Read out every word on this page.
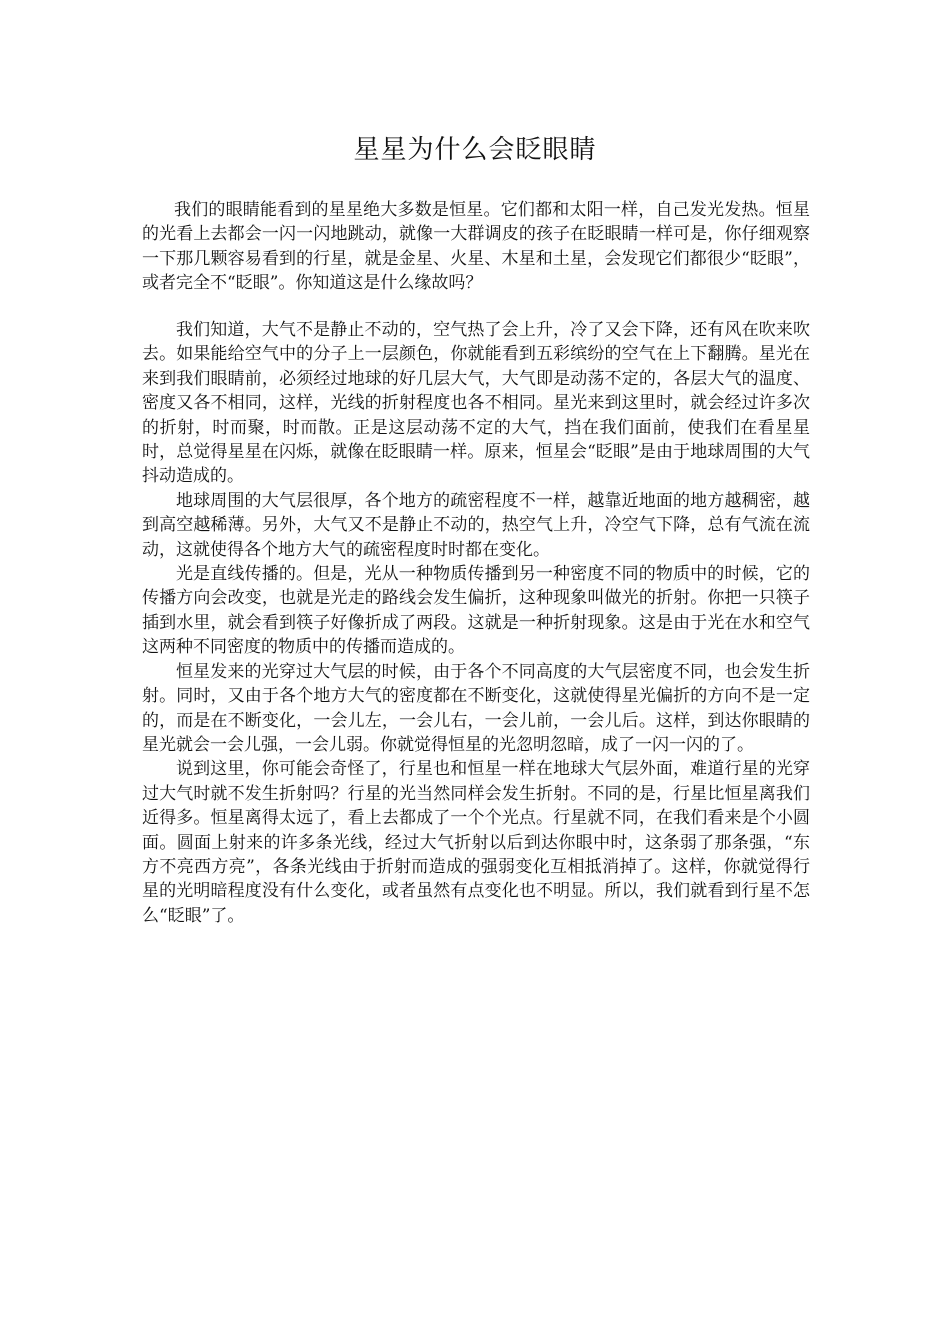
星星为什么会眨眼睛

我们的眼睛能看到的星星绝大多数是恒星。它们都和太阳一样，自己发光发热。恒星的光看上去都会一闪一闪地跳动，就像一大群调皮的孩子在眨眼睛一样可是，你仔细观察一下那几颗容易看到的行星，就是金星、火星、木星和土星，会发现它们都很少“眨眼”，或者完全不“眨眼”。你知道这是什么缘故吗？

我们知道，大气不是静止不动的，空气热了会上升，冷了又会下降，还有风在吹来吹去。如果能给空气中的分子上一层颜色，你就能看到五彩缤纷的空气在上下翻腾。星光在来到我们眼睛前，必须经过地球的好几层大气，大气即是动荡不定的，各层大气的温度、密度又各不相同，这样，光线的折射程度也各不相同。星光来到这里时，就会经过许多次的折射，时而聚，时而散。正是这层动荡不定的大气，挡在我们面前，使我们在看星星时，总觉得星星在闪烁，就像在眨眼睛一样。原来，恒星会“眨眼”是由于地球周围的大气抖动造成的。

地球周围的大气层很厚，各个地方的疏密程度不一样，越靠近地面的地方越稠密，越到高空越稀薄。另外，大气又不是静止不动的，热空气上升，冷空气下降，总有气流在流动，这就使得各个地方大气的疏密程度时时都在变化。

光是直线传播的。但是，光从一种物质传播到另一种密度不同的物质中的时候，它的传播方向会改变，也就是光走的路线会发生偏折，这种现象叫做光的折射。你把一只筷子插到水里，就会看到筷子好像折成了两段。这就是一种折射现象。这是由于光在水和空气这两种不同密度的物质中的传播而造成的。

恒星发来的光穿过大气层的时候，由于各个不同高度的大气层密度不同，也会发生折射。同时，又由于各个地方大气的密度都在不断变化，这就使得星光偏折的方向不是一定的，而是在不断变化，一会儿左，一会儿右，一会儿前，一会儿后。这样，到达你眼睛的星光就会一会儿强，一会儿弱。你就觉得恒星的光忽明忽暗，成了一闪一闪的了。

说到这里，你可能会奇怪了，行星也和恒星一样在地球大气层外面，难道行星的光穿过大气时就不发生折射吗？行星的光当然同样会发生折射。不同的是，行星比恒星离我们近得多。恒星离得太远了，看上去都成了一个个光点。行星就不同，在我们看来是个小圆面。圆面上射来的许多条光线，经过大气折射以后到达你眼中时，这条弱了那条强，“东方不亮西方亮”，各条光线由于折射而造成的强弱变化互相抵消掉了。这样，你就觉得行星的光明暗程度没有什么变化，或者虽然有点变化也不明显。所以，我们就看到行星不怎么“眨眼”了。
